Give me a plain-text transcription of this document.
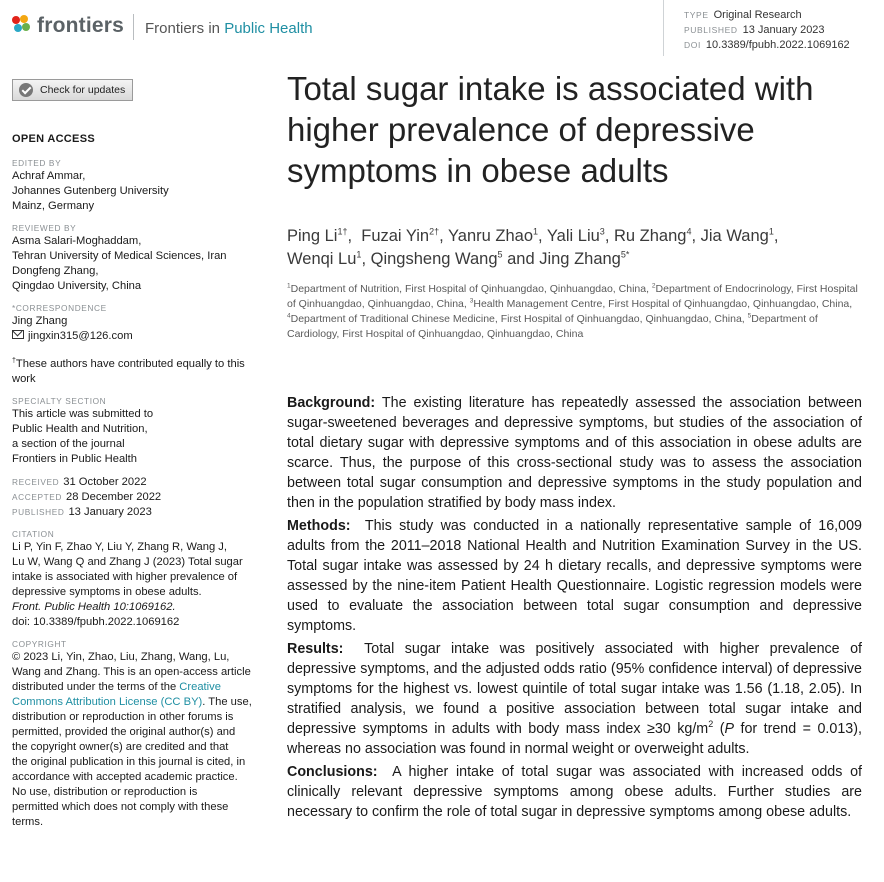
frontiers Frontiers in Public Health
TYPE Original Research
PUBLISHED 13 January 2023
DOI 10.3389/fpubh.2022.1069162
Check for updates
OPEN ACCESS
EDITED BY
Achraf Ammar,
Johannes Gutenberg University
Mainz, Germany
REVIEWED BY
Asma Salari-Moghaddam,
Tehran University of Medical Sciences, Iran
Dongfeng Zhang,
Qingdao University, China
*CORRESPONDENCE
Jing Zhang
jingxin315@126.com
†These authors have contributed equally to this
work
SPECIALTY SECTION
This article was submitted to
Public Health and Nutrition,
a section of the journal
Frontiers in Public Health
RECEIVED 31 October 2022
ACCEPTED 28 December 2022
PUBLISHED 13 January 2023
CITATION
Li P, Yin F, Zhao Y, Liu Y, Zhang R, Wang J,
Lu W, Wang Q and Zhang J (2023) Total sugar
intake is associated with higher prevalence of
depressive symptoms in obese adults.
Front. Public Health 10:1069162.
doi: 10.3389/fpubh.2022.1069162
COPYRIGHT
© 2023 Li, Yin, Zhao, Liu, Zhang, Wang, Lu,
Wang and Zhang. This is an open-access article
distributed under the terms of the Creative
Commons Attribution License (CC BY). The use,
distribution or reproduction in other forums is
permitted, provided the original author(s) and
the copyright owner(s) are credited and that
the original publication in this journal is cited, in
accordance with accepted academic practice.
No use, distribution or reproduction is
permitted which does not comply with these
terms.
Total sugar intake is associated with
higher prevalence of depressive
symptoms in obese adults
Ping $Li^{1\dagger}$,  Fuzai Yin$^{2\dagger}$, Yanru Zhao$^1$, Yali Liu$^3$, Ru Zhang$^4$, Jia Wang$^1$,
Wenqi Lu$^1$, Qingsheng Wang$^5$ and Jing Zhang$^{5*}$
$^1$Department of Nutrition, First Hospital of Qinhuangdao, Qinhuangdao, China, $^2$Department of Endocrinology, First Hospital of Qinhuangdao, Qinhuangdao, China, $^3$Health Management Centre, First Hospital of Qinhuangdao, Qinhuangdao, China, $^4$Department of Traditional Chinese Medicine, First Hospital of Qinhuangdao, Qinhuangdao, China, $^5$Department of Cardiology, First Hospital of Qinhuangdao, Qinhuangdao, China

Background: The existing literature has repeatedly assessed the association between sugar-sweetened beverages and depressive symptoms, but studies of the association of total dietary sugar with depressive symptoms and of this association in obese adults are scarce. Thus, the purpose of this cross-sectional study was to assess the association between total sugar consumption and depressive symptoms in the study population and then in the population stratified by body mass index.

Methods: This study was conducted in a nationally representative sample of 16,009 adults from the 2011–2018 National Health and Nutrition Examination Survey in the US. Total sugar intake was assessed by 24 h dietary recalls, and depressive symptoms were assessed by the nine-item Patient Health Questionnaire. Logistic regression models were used to evaluate the association between total sugar consumption and depressive symptoms.

Results: Total sugar intake was positively associated with higher prevalence of depressive symptoms, and the adjusted odds ratio (95% confidence interval) of depressive symptoms for the highest vs. lowest quintile of total sugar intake was 1.56 (1.18, 2.05). In stratified analysis, we found a positive association between total sugar intake and depressive symptoms in adults with body mass index ≥30 $kg/m^2$ (P for trend = 0.013), whereas no association was found in normal weight or overweight adults.

Conclusions: A higher intake of total sugar was associated with increased odds of clinically relevant depressive symptoms among obese adults. Further studies are necessary to confirm the role of total sugar in depressive symptoms among obese adults.
